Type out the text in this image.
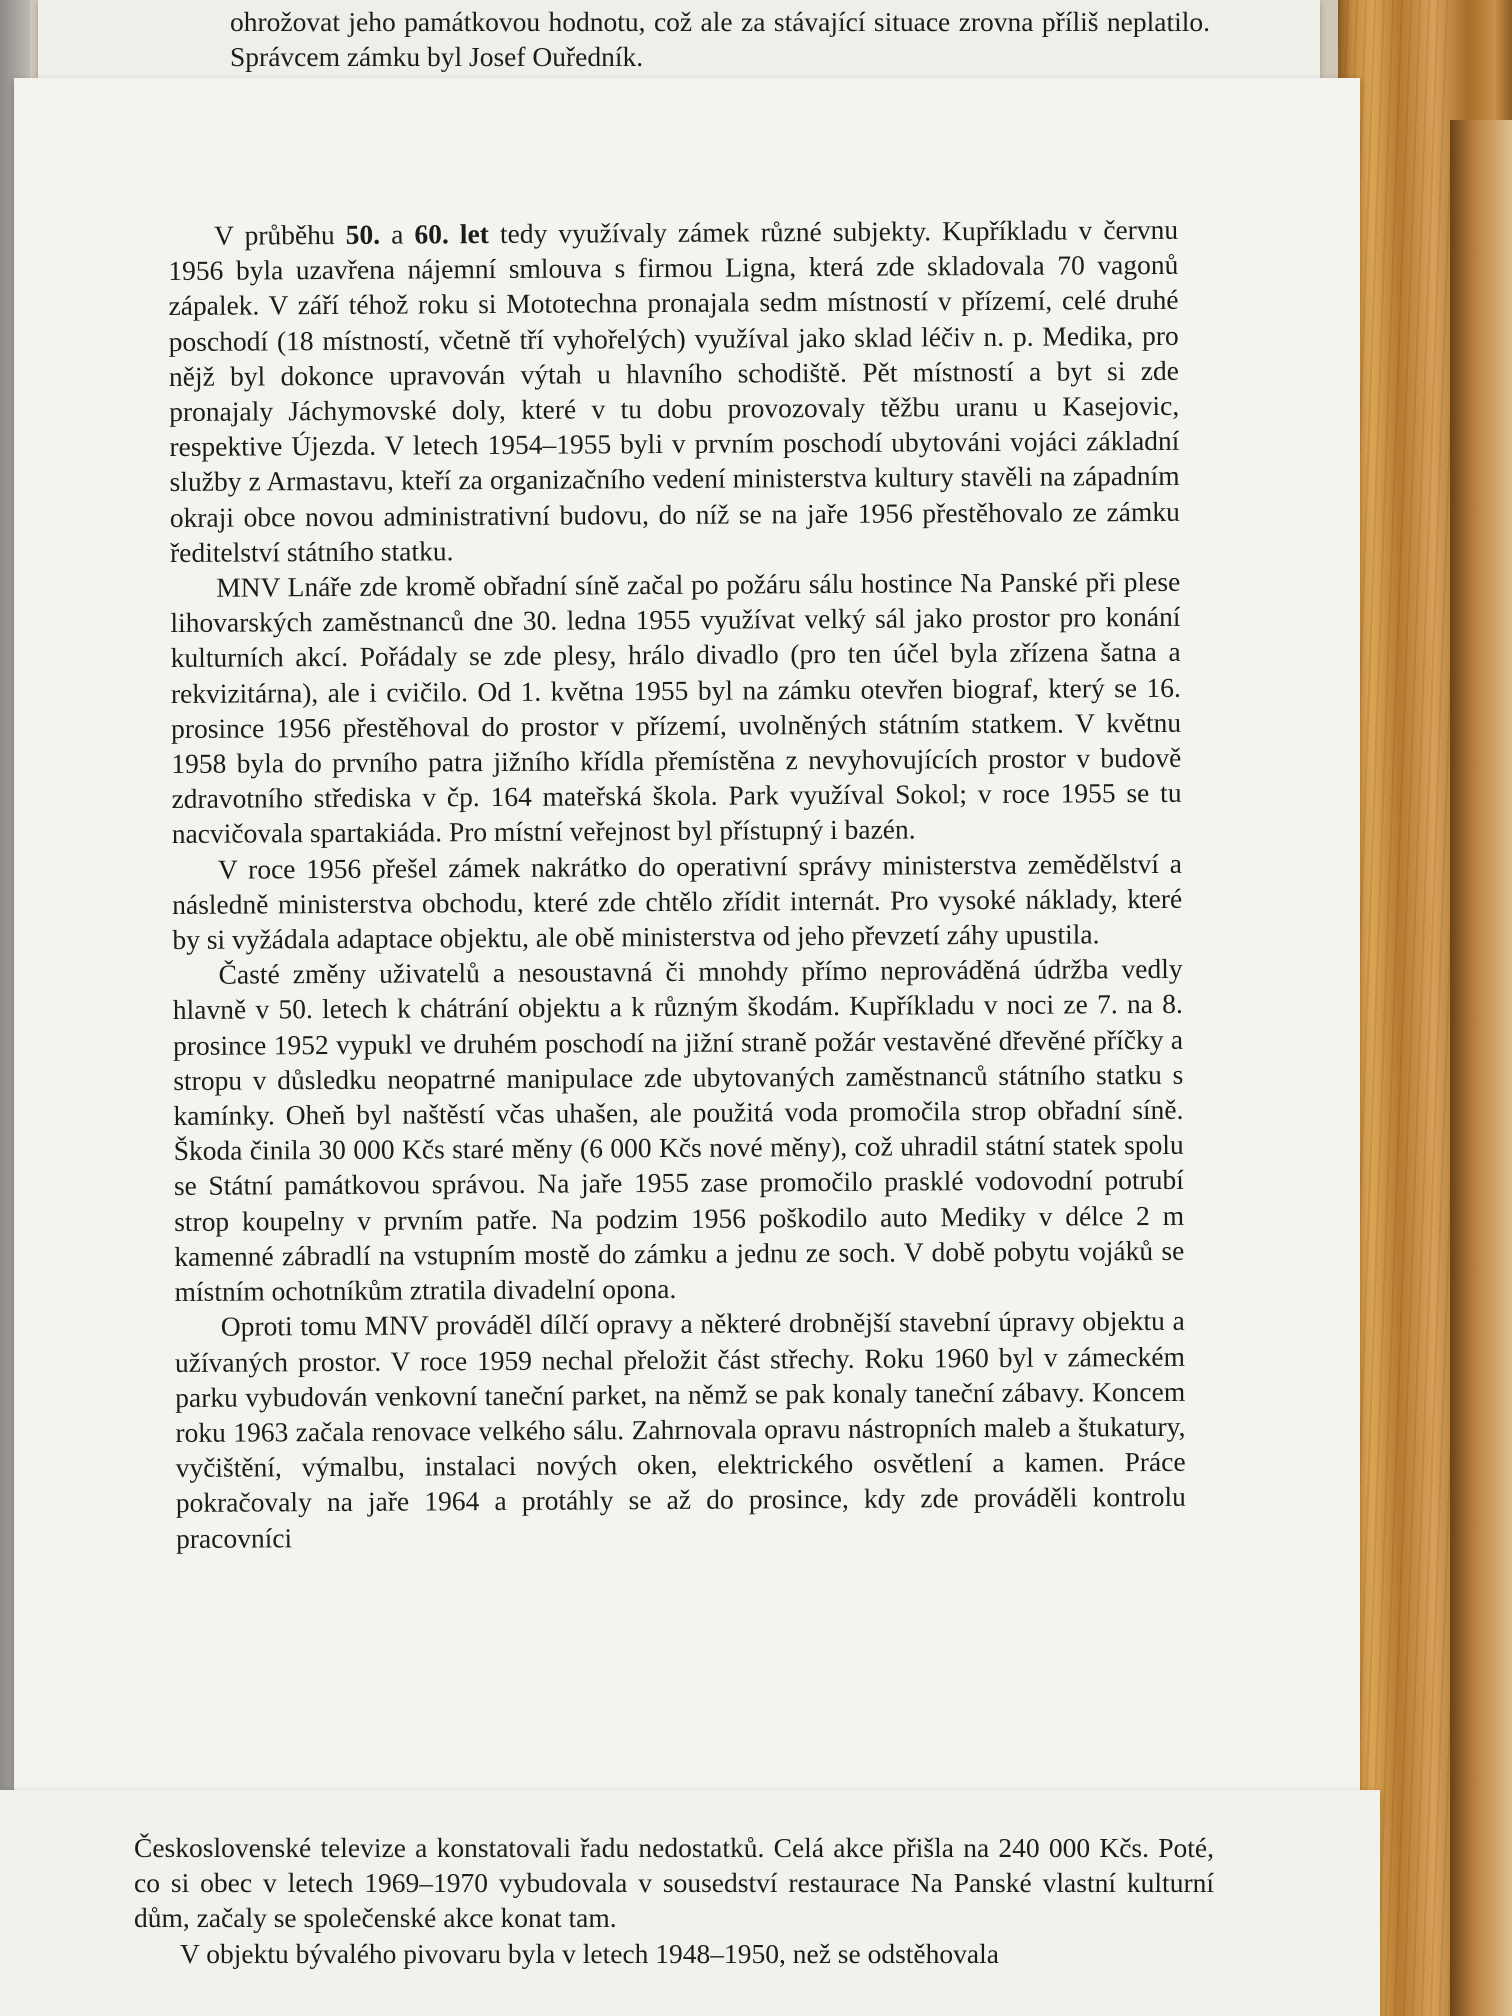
ohrožovat jeho památkovou hodnotu, což ale za stávající situace zrovna příliš neplatilo. Správcem zámku byl Josef Ouředník.

V průběhu 50. a 60. let tedy využívaly zámek různé subjekty. Kupříkladu v červnu 1956 byla uzavřena nájemní smlouva s firmou Ligna, která zde skladovala 70 vagonů zápalek. V září téhož roku si Mototechna pronajala sedm místností v přízemí, celé druhé poschodí (18 místností, včetně tří vyhořelých) využíval jako sklad léčiv n. p. Medika, pro nějž byl dokonce upravován výtah u hlavního schodiště. Pět místností a byt si zde pronajaly Jáchymovské doly, které v tu dobu provozovaly těžbu uranu u Kasejovic, respektive Újezda. V letech 1954–1955 byli v prvním poschodí ubytováni vojáci základní služby z Armastavu, kteří za organizačního vedení ministerstva kultury stavěli na západním okraji obce novou administrativní budovu, do níž se na jaře 1956 přestěhovalo ze zámku ředitelství státního statku.

MNV Lnáře zde kromě obřadní síně začal po požáru sálu hostince Na Panské při plese lihovarských zaměstnanců dne 30. ledna 1955 využívat velký sál jako prostor pro konání kulturních akcí. Pořádaly se zde plesy, hrálo divadlo (pro ten účel byla zřízena šatna a rekvizitárna), ale i cvičilo. Od 1. května 1955 byl na zámku otevřen biograf, který se 16. prosince 1956 přestěhoval do prostor v přízemí, uvolněných státním statkem. V květnu 1958 byla do prvního patra jižního křídla přemístěna z nevyhovujících prostor v budově zdravotního střediska v čp. 164 mateřská škola. Park využíval Sokol; v roce 1955 se tu nacvičovala spartakiáda. Pro místní veřejnost byl přístupný i bazén.

V roce 1956 přešel zámek nakrátko do operativní správy ministerstva zemědělství a následně ministerstva obchodu, které zde chtělo zřídit internát. Pro vysoké náklady, které by si vyžádala adaptace objektu, ale obě ministerstva od jeho převzetí záhy upustila.

Časté změny uživatelů a nesoustavná či mnohdy přímo neprováděná údržba vedly hlavně v 50. letech k chátrání objektu a k různým škodám. Kupříkladu v noci ze 7. na 8. prosince 1952 vypukl ve druhém poschodí na jižní straně požár vestavěné dřevěné příčky a stropu v důsledku neopatrné manipulace zde ubytovaných zaměstnanců státního statku s kamínky. Oheň byl naštěstí včas uhašen, ale použitá voda promočila strop obřadní síně. Škoda činila 30 000 Kčs staré měny (6 000 Kčs nové měny), což uhradil státní statek spolu se Státní památkovou správou. Na jaře 1955 zase promočilo prasklé vodovodní potrubí strop koupelny v prvním patře. Na podzim 1956 poškodilo auto Mediky v délce 2 m kamenné zábradlí na vstupním mostě do zámku a jednu ze soch. V době pobytu vojáků se místním ochotníkům ztratila divadelní opona.

Oproti tomu MNV prováděl dílčí opravy a některé drobnější stavební úpravy objektu a užívaných prostor. V roce 1959 nechal přeložit část střechy. Roku 1960 byl v zámeckém parku vybudován venkovní taneční parket, na němž se pak konaly taneční zábavy. Koncem roku 1963 začala renovace velkého sálu. Zahrnovala opravu nástropních maleb a štukatury, vyčištění, výmalbu, instalaci nových oken, elektrického osvětlení a kamen. Práce pokračovaly na jaře 1964 a protáhly se až do prosince, kdy zde prováděli kontrolu pracovníci

Československé televize a konstatovali řadu nedostatků. Celá akce přišla na 240 000 Kčs. Poté, co si obec v letech 1969–1970 vybudovala v sousedství restaurace Na Panské vlastní kulturní dům, začaly se společenské akce konat tam.

V objektu bývalého pivovaru byla v letech 1948–1950, než se odstěhovala
